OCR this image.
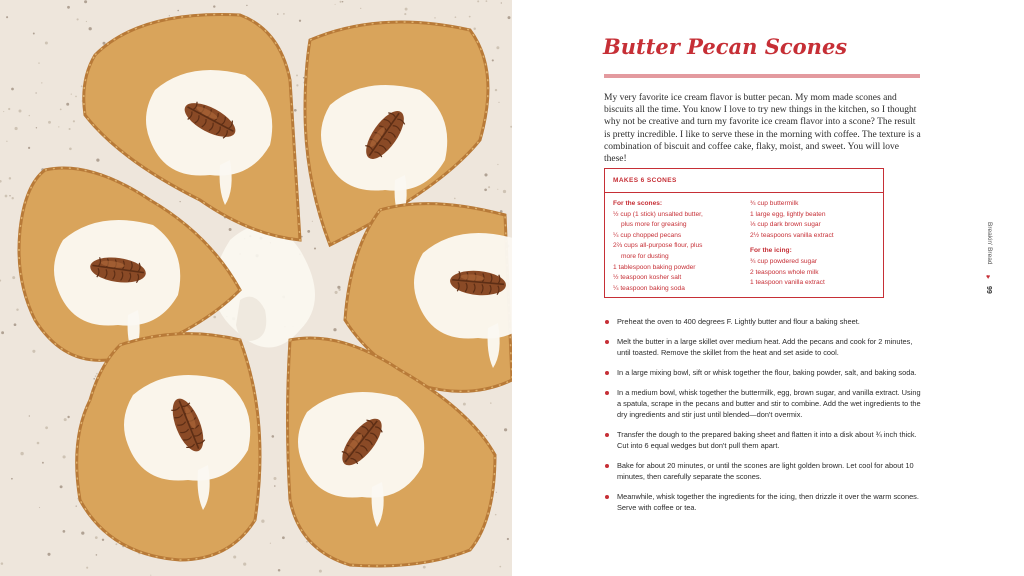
Butter Pecan Scones

My very favorite ice cream flavor is butter pecan. My mom made scones and biscuits all the time. You know I love to try new things in the kitchen, so I thought why not be creative and turn my favorite ice cream flavor into a scone? The result is pretty incredible. I like to serve these in the morning with coffee. The texture is a combination of biscuit and coffee cake, flaky, moist, and sweet. You will love these!

MAKES 6 SCONES
For the scones:
½ cup (1 stick) unsalted butter,
plus more for greasing
¼ cup chopped pecans
2⅔ cups all-purpose flour, plus
more for dusting
1 tablespoon baking powder
½ teaspoon kosher salt
¼ teaspoon baking soda
¾ cup buttermilk
1 large egg, lightly beaten
⅓ cup dark brown sugar
2½ teaspoons vanilla extract
For the icing:
¾ cup powdered sugar
2 teaspoons whole milk
1 teaspoon vanilla extract
Preheat the oven to 400 degrees F. Lightly butter and flour a baking sheet.
Melt the butter in a large skillet over medium heat. Add the pecans and cook for 2 minutes, until toasted. Remove the skillet from the heat and set aside to cool.
In a large mixing bowl, sift or whisk together the flour, baking powder, salt, and baking soda.
In a medium bowl, whisk together the buttermilk, egg, brown sugar, and vanilla extract. Using a spatula, scrape in the pecans and butter and stir to combine. Add the wet ingredients to the dry ingredients and stir just until blended—don't overmix.
Transfer the dough to the prepared baking sheet and flatten it into a disk about ¾ inch thick. Cut into 6 equal wedges but don't pull them apart.
Bake for about 20 minutes, or until the scones are light golden brown. Let cool for about 10 minutes, then carefully separate the scones.
Meanwhile, whisk together the ingredients for the icing, then drizzle it over the warm scones. Serve with coffee or tea.
Breakin' Bread
♥
99
